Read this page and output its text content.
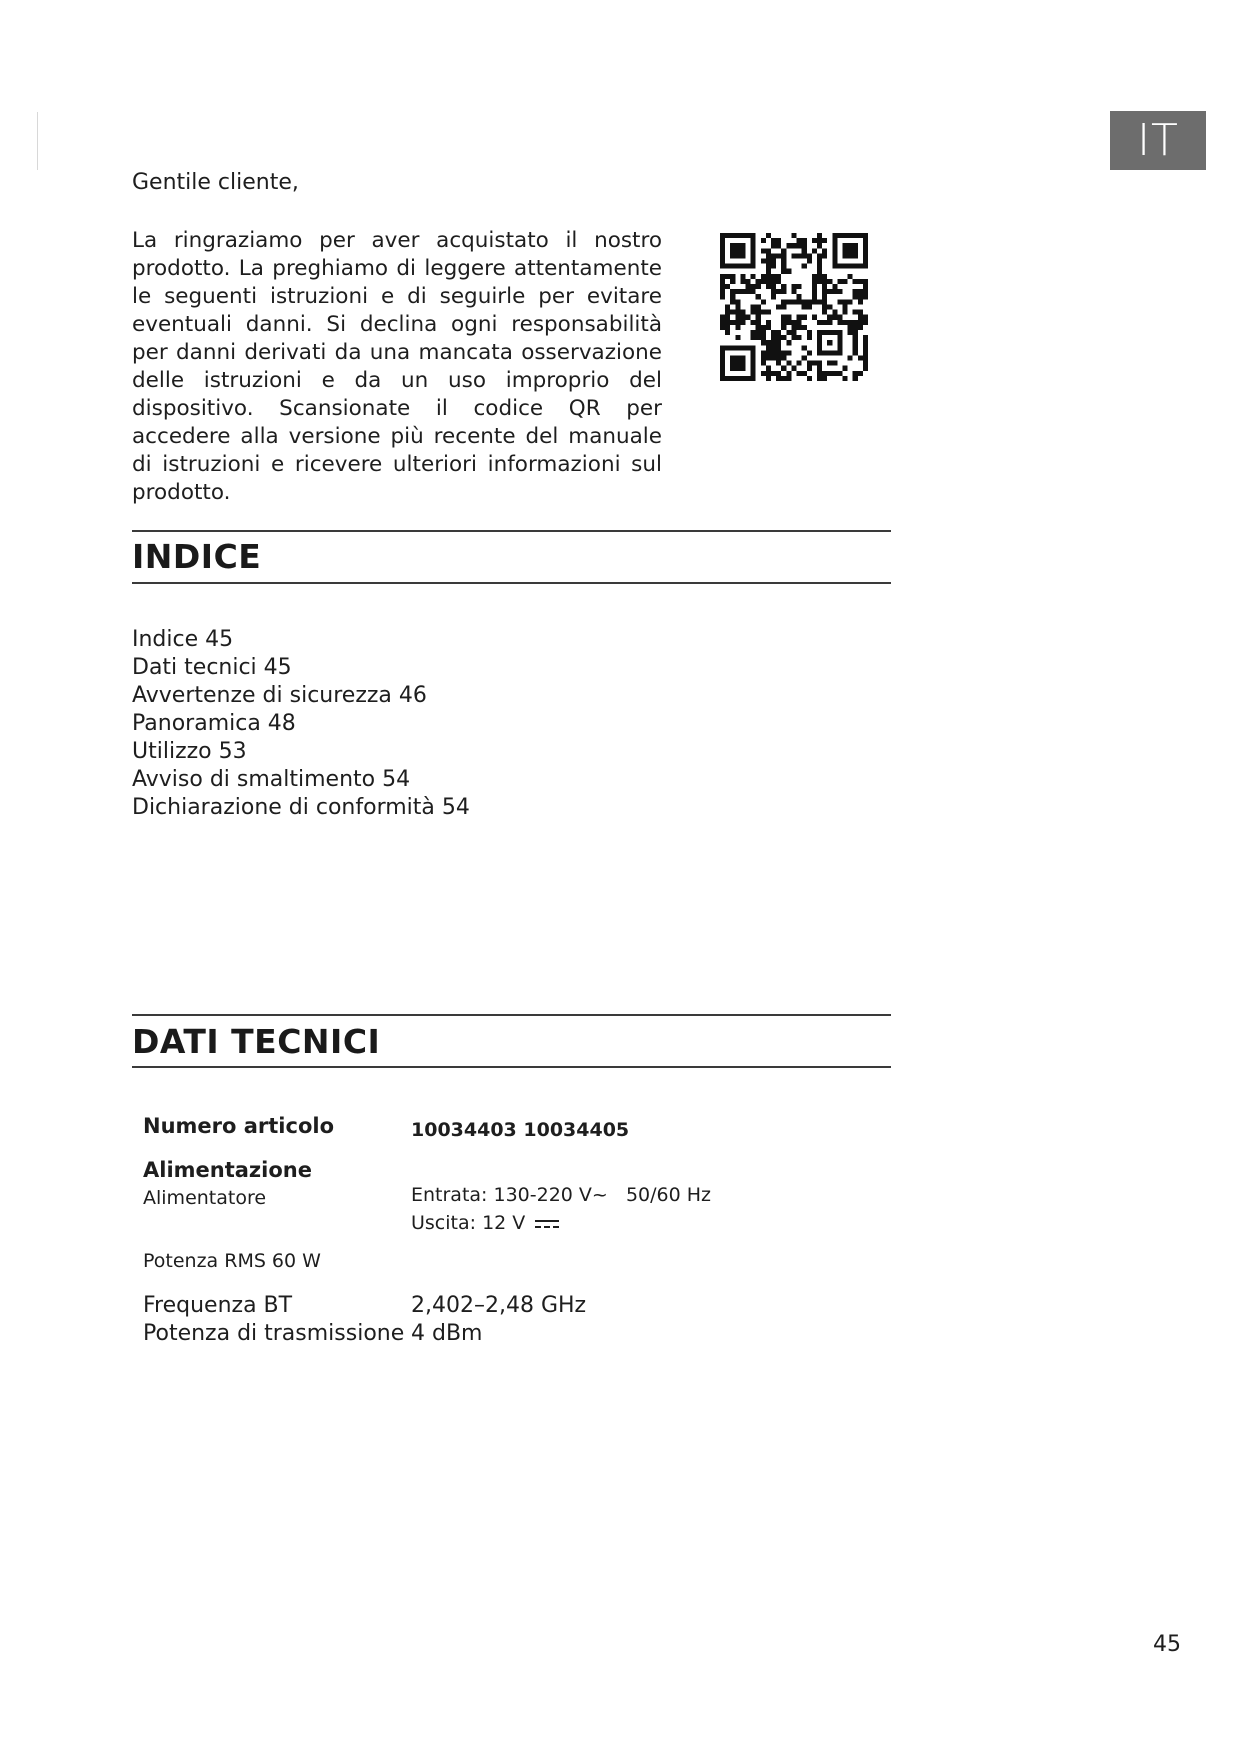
IT
Gentile cliente,
La ringraziamo per aver acquistato il nostro prodotto. La preghiamo di leggere attentamente le seguenti istruzioni e di seguirle per evitare eventuali danni. Si declina ogni responsabilità per danni derivati da una mancata osservazione delle istruzioni e da un uso improprio del dispositivo. Scansionate il codice QR per accedere alla versione più recente del manuale di istruzioni e ricevere ulteriori informazioni sul prodotto.
INDICE
Indice 45
Dati tecnici 45
Avvertenze di sicurezza 46
Panoramica 48
Utilizzo 53
Avviso di smaltimento 54
Dichiarazione di conformità 54
DATI TECNICI
Numero articolo	10034403 10034405
Alimentazione
Alimentatore	Entrata: 130-220 V~   50/60 Hz
Uscita: 12 V
Potenza RMS 60 W
Frequenza BT	2,402–2,48 GHz
Potenza di trasmissione 4 dBm
45
